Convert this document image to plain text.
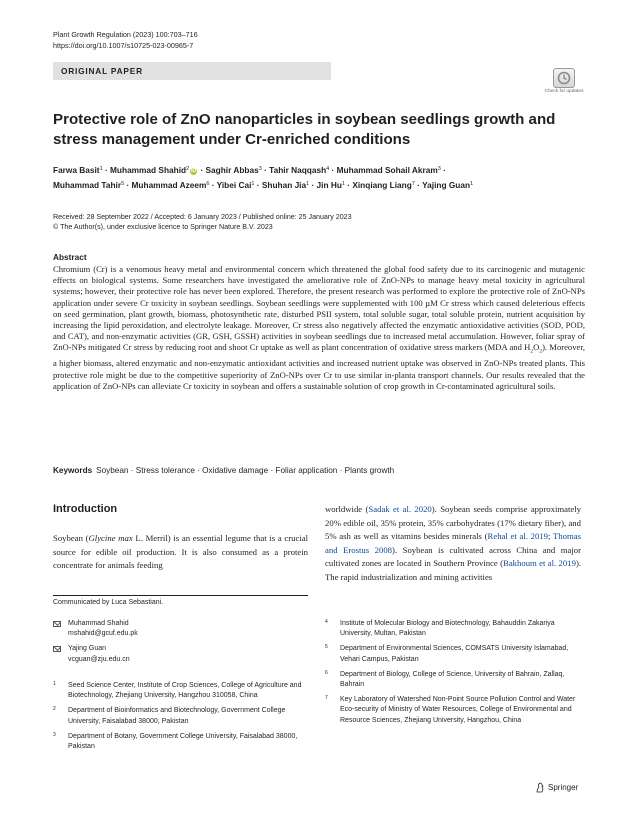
Plant Growth Regulation (2023) 100:703–716
https://doi.org/10.1007/s10725-023-00965-7
ORIGINAL PAPER
Check for updates
Protective role of ZnO nanoparticles in soybean seedlings growth and stress management under Cr-enriched conditions
Farwa Basit$^1$ · Muhammad Shahid$^2$ iD · Saghir Abbas$^3$ · Tahir Naqqash$^4$ · Muhammad Sohail Akram$^3$ ·
Muhammad Tahir$^5$ · Muhammad Azeem$^6$ · Yibei Cai$^1$ · Shuhan Jia$^1$ · Jin $Hu^1$ · Xinqiang Liang$^7$ · Yajing Guan$^1$
Received: 28 September 2022 / Accepted: 6 January 2023 / Published online: 25 January 2023
© The Author(s), under exclusive licence to Springer Nature B.V. 2023
Abstract

Chromium (Cr) is a venomous heavy metal and environmental concern which threatened the global food safety due to its carcinogenic and mutagenic effects on biological systems. Some researchers have investigated the ameliorative role of ZnO-NPs to manage heavy metal toxicity in agricultural systems; however, their protective role has never been explored. Therefore, the present research was performed to explore the protective role of ZnO-NPs application under severe Cr toxicity in soybean seedlings. Soybean seedlings were supplemented with 100 µM Cr stress which caused deleterious effects on seed germination, plant growth, biomass, photosynthetic rate, disturbed PSII system, total soluble sugar, total soluble protein, nutrient acquisition by increasing the lipid peroxidation, and electrolyte leakage. Moreover, Cr stress also negatively affected the enzymatic antioxidative activities (SOD, POD, and CAT), and non-enzymatic activities (GR, GSH, GSSH) activities in soybean seedlings due to increased metal accumulation. However, foliar spray of ZnO-NPs mitigated Cr stress by reducing root and shoot Cr uptake as well as plant concentration of oxidative stress markers (MDA and $H_2O_2$). Moreover, a higher biomass, altered enzymatic and non-enzymatic antioxidant activities and increased nutrient uptake was observed in ZnO-NPs treated plants. This protective role might be due to the competitive superiority of ZnO-NPs over Cr to use similar in-planta transport channels. Our results revealed that the application of ZnO-NPs can alleviate Cr toxicity in soybean and offers a sustainable solution of crop growth in Cr-contaminated agricultural soils.

Keywords Soybean · Stress tolerance · Oxidative damage · Foliar application · Plants growth
Introduction

Soybean (Glycine max L. Merril) is an essential legume that is a crucial source for edible oil production. It is also consumed as a protein concentrate for animals feeding

worldwide (Sadak et al. 2020). Soybean seeds comprise approximately 20% edible oil, 35% protein, 35% carbohydrates (17% dietary fiber), and 5% ash as well as vitamins besides minerals (Rehal et al. 2019; Thomas and Erostus 2008). Soybean is cultivated across China and major cultivated zones are located in Southern Province (Bakhoum et al. 2019). The rapid industrialization and mining activities

Communicated by Luca Sebastiani.
Muhammad Shahid
mshahid@gcuf.edu.pk
Yajing Guan
vcguan@zju.edu.cn
1 Seed Science Center, Institute of Crop Sciences, College of Agriculture and Biotechnology, Zhejiang University, Hangzhou 310058, China
2 Department of Bioinformatics and Biotechnology, Government College University, Faisalabad 38000, Pakistan
3 Department of Botany, Government College University, Faisalabad 38000, Pakistan
4 Institute of Molecular Biology and Biotechnology, Bahauddin Zakariya University, Multan, Pakistan
5 Department of Environmental Sciences, COMSATS University Islamabad, Vehari Campus, Pakistan
6 Department of Biology, College of Science, University of Bahrain, Zallaq, Bahrain
7 Key Laboratory of Watershed Non-Point Source Pollution Control and Water Eco-security of Ministry of Water Resources, College of Environmental and Resource Sciences, Zhejiang University, Hangzhou, China
Springer
